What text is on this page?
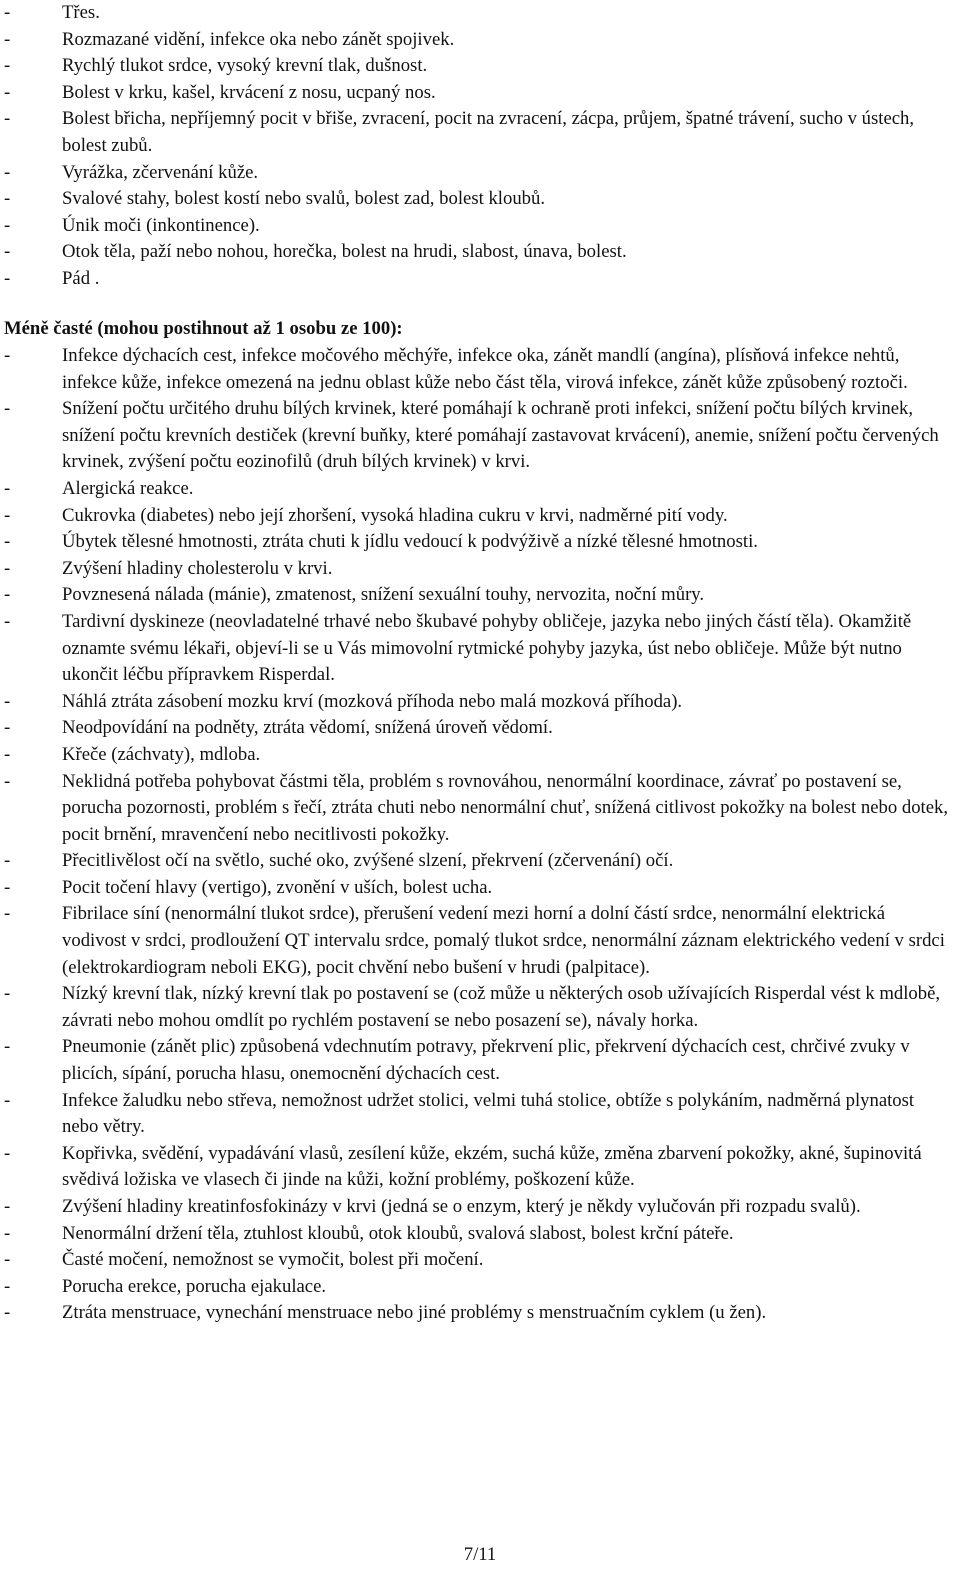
-	Třes.
-	Rozmazané vidění, infekce oka nebo zánět spojivek.
-	Rychlý tlukot srdce, vysoký krevní tlak, dušnost.
-	Bolest v krku, kašel, krvácení z nosu, ucpaný nos.
-	Bolest břicha, nepříjemný pocit v břiše, zvracení, pocit na zvracení, zácpa, průjem, špatné trávení, sucho v ústech, bolest zubů.
-	Vyrážka, zčervenání kůže.
-	Svalové stahy, bolest kostí nebo svalů, bolest zad, bolest kloubů.
-	Únik moči (inkontinence).
-	Otok těla, paží nebo nohou, horečka, bolest na hrudi, slabost, únava, bolest.
-	Pád .
Méně časté (mohou postihnout až 1 osobu ze 100):
-	Infekce dýchacích cest, infekce močového měchýře, infekce oka, zánět mandlí (angína), plísňová infekce nehtů, infekce kůže, infekce omezená na jednu oblast kůže nebo část těla, virová infekce, zánět kůže způsobený roztoči.
-	Snížení počtu určitého druhu bílých krvinek, které pomáhají k ochraně proti infekci, snížení počtu bílých krvinek, snížení počtu krevních destiček (krevní buňky, které pomáhají zastavovat krvácení), anemie, snížení počtu červených krvinek, zvýšení počtu eozinofilů (druh bílých krvinek) v krvi.
-	Alergická reakce.
-	Cukrovka (diabetes) nebo její zhoršení, vysoká hladina cukru v krvi, nadměrné pití vody.
-	Úbytek tělesné hmotnosti, ztráta chuti k jídlu vedoucí k podvýživě a nízké tělesné hmotnosti.
-	Zvýšení hladiny cholesterolu v krvi.
-	Povznesená nálada (mánie), zmatenost, snížení sexuální touhy, nervozita, noční můry.
-	Tardivní dyskineze (neovladatelné trhavé nebo škubavé pohyby obličeje, jazyka nebo jiných částí těla). Okamžitě oznamte svému lékaři, objeví-li se u Vás mimovolní rytmické pohyby jazyka, úst nebo obličeje. Může být nutno ukončit léčbu přípravkem Risperdal.
-	Náhlá ztráta zásobení mozku krví (mozková příhoda nebo malá mozková příhoda).
-	Neodpovídání na podněty, ztráta vědomí, snížená úroveň vědomí.
-	Křeče (záchvaty), mdloba.
-	Neklidná potřeba pohybovat částmi těla, problém s rovnováhou, nenormální koordinace, závrať po postavení se, porucha pozornosti, problém s řečí, ztráta chuti nebo nenormální chuť, snížená citlivost pokožky na bolest nebo dotek, pocit brnění, mravenčení nebo necitlivosti pokožky.
-	Přecitlivělost očí na světlo, suché oko, zvýšené slzení, překrvení (zčervenání) očí.
-	Pocit točení hlavy (vertigo), zvonění v uších, bolest ucha.
-	Fibrilace síní (nenormální tlukot srdce), přerušení vedení mezi horní a dolní částí srdce, nenormální elektrická vodivost v srdci, prodloužení QT intervalu srdce, pomalý tlukot srdce, nenormální záznam elektrického vedení v srdci (elektrokardiogram neboli EKG), pocit chvění nebo bušení v hrudi (palpitace).
-	Nízký krevní tlak, nízký krevní tlak po postavení se (což může u některých osob užívajících Risperdal vést k mdlobě, závrati nebo mohou omdlít po rychlém postavení se nebo posazení se), návaly horka.
-	Pneumonie (zánět plic) způsobená vdechnutím potravy, překrvení plic, překrvení dýchacích cest, chrčivé zvuky v plicích, sípání, porucha hlasu, onemocnění dýchacích cest.
-	Infekce žaludku nebo střeva, nemožnost udržet stolici, velmi tuhá stolice, obtíže s polykáním, nadměrná plynatost nebo větry.
-	Kopřivka, svědění, vypadávání vlasů, zesílení kůže, ekzém, suchá kůže, změna zbarvení pokožky, akné, šupinovitá svědivá ložiska ve vlasech či jinde na kůži, kožní problémy, poškození kůže.
-	Zvýšení hladiny kreatinfosfokinázy v krvi (jedná se o enzym, který je někdy vylučován při rozpadu svalů).
-	Nenormální držení těla, ztuhlost kloubů, otok kloubů, svalová slabost, bolest krční páteře.
-	Časté močení, nemožnost se vymočit, bolest při močení.
-	Porucha erekce, porucha ejakulace.
-	Ztráta menstruace, vynechání menstruace nebo jiné problémy s menstruačním cyklem (u žen).
7/11
